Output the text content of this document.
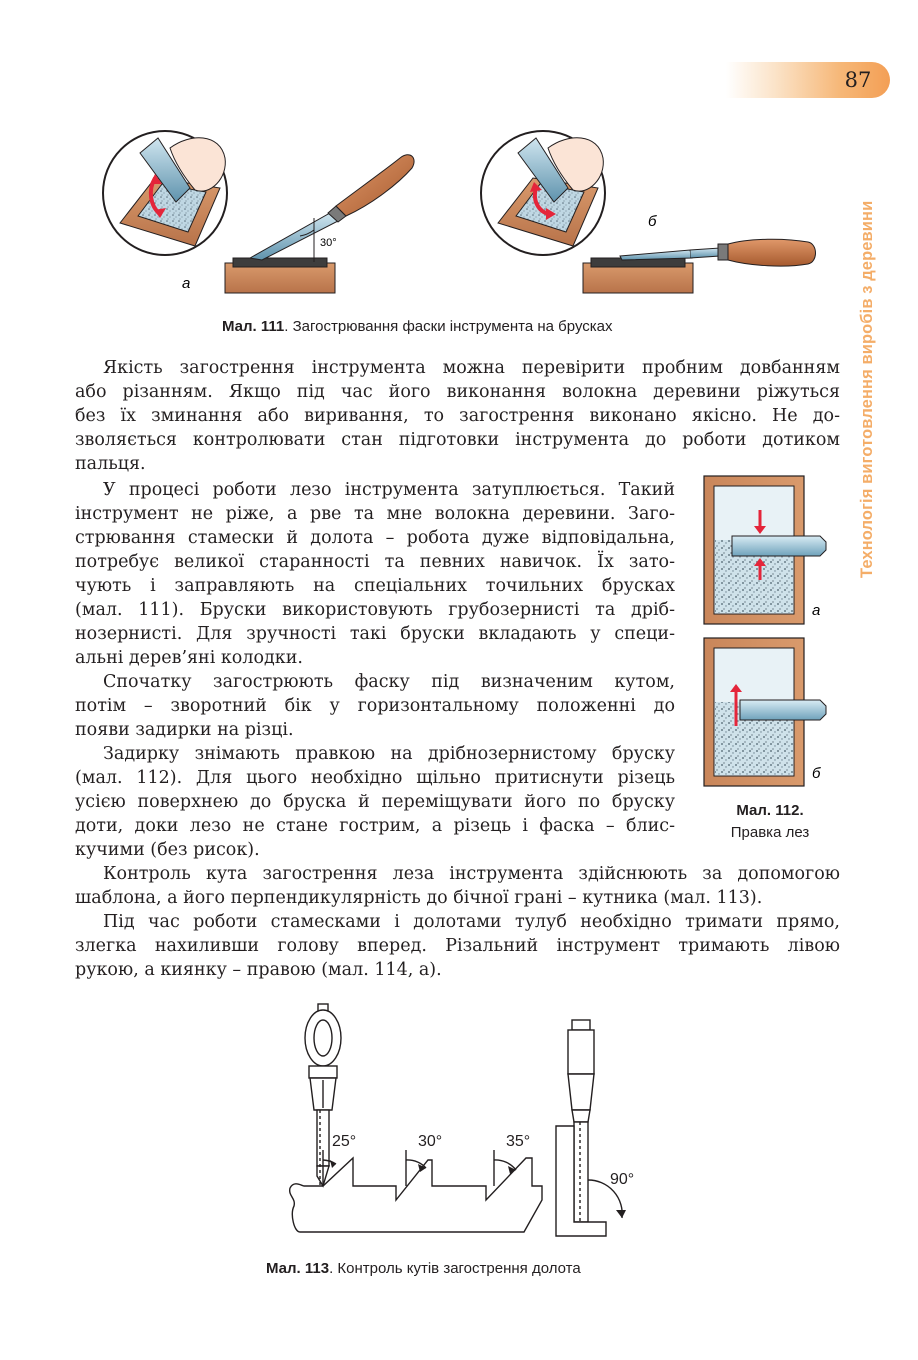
87
Технологія виготовлення виробів з деревини
30°
а
б
Мал. 111. Загострювання фаски інструмента на брусках
а
б
Мал. 112.
Правка лез
Якість загострення інструмента можна перевірити пробним довбанням
або різанням. Якщо під час його виконання волокна деревини ріжуться
без їх зминання або виривання, то загострення виконано якісно. Не до-
зволяється контролювати стан підготовки інструмента до роботи дотиком
пальця.
У процесі роботи лезо інструмента затуплюється. Такий
інструмент не ріже, а рве та мне волокна деревини. Заго-
стрювання стамески й долота – робота дуже відповідальна,
потребує великої старанності та певних навичок. Їх зато-
чують і заправляють на спеціальних точильних брусках
(мал. 111). Бруски використовують грубозернисті та дріб-
нозернисті. Для зручності такі бруски вкладають у специ-
альні дерев’яні колодки.
Спочатку загострюють фаску під визначеним кутом,
потім – зворотний бік у горизонтальному положенні до
появи задирки на різці.
Задирку знімають правкою на дрібнозернистому бруску
(мал. 112). Для цього необхідно щільно притиснути різець
усією поверхнею до бруска й переміщувати його по бруску
доти, доки лезо не стане гострим, а різець і фаска – блис-
кучими (без рисок).
Контроль кута загострення леза інструмента здійснюють за допомогою
шаблона, а його перпендикулярність до бічної грані – кутника (мал. 113).
Під час роботи стамесками і долотами тулуб необхідно тримати прямо,
злегка нахиливши голову вперед. Різальний інструмент тримають лівою
рукою, а киянку – правою (мал. 114, а).
25°	30°	35°
90°
Мал. 113. Контроль кутів загострення долота
